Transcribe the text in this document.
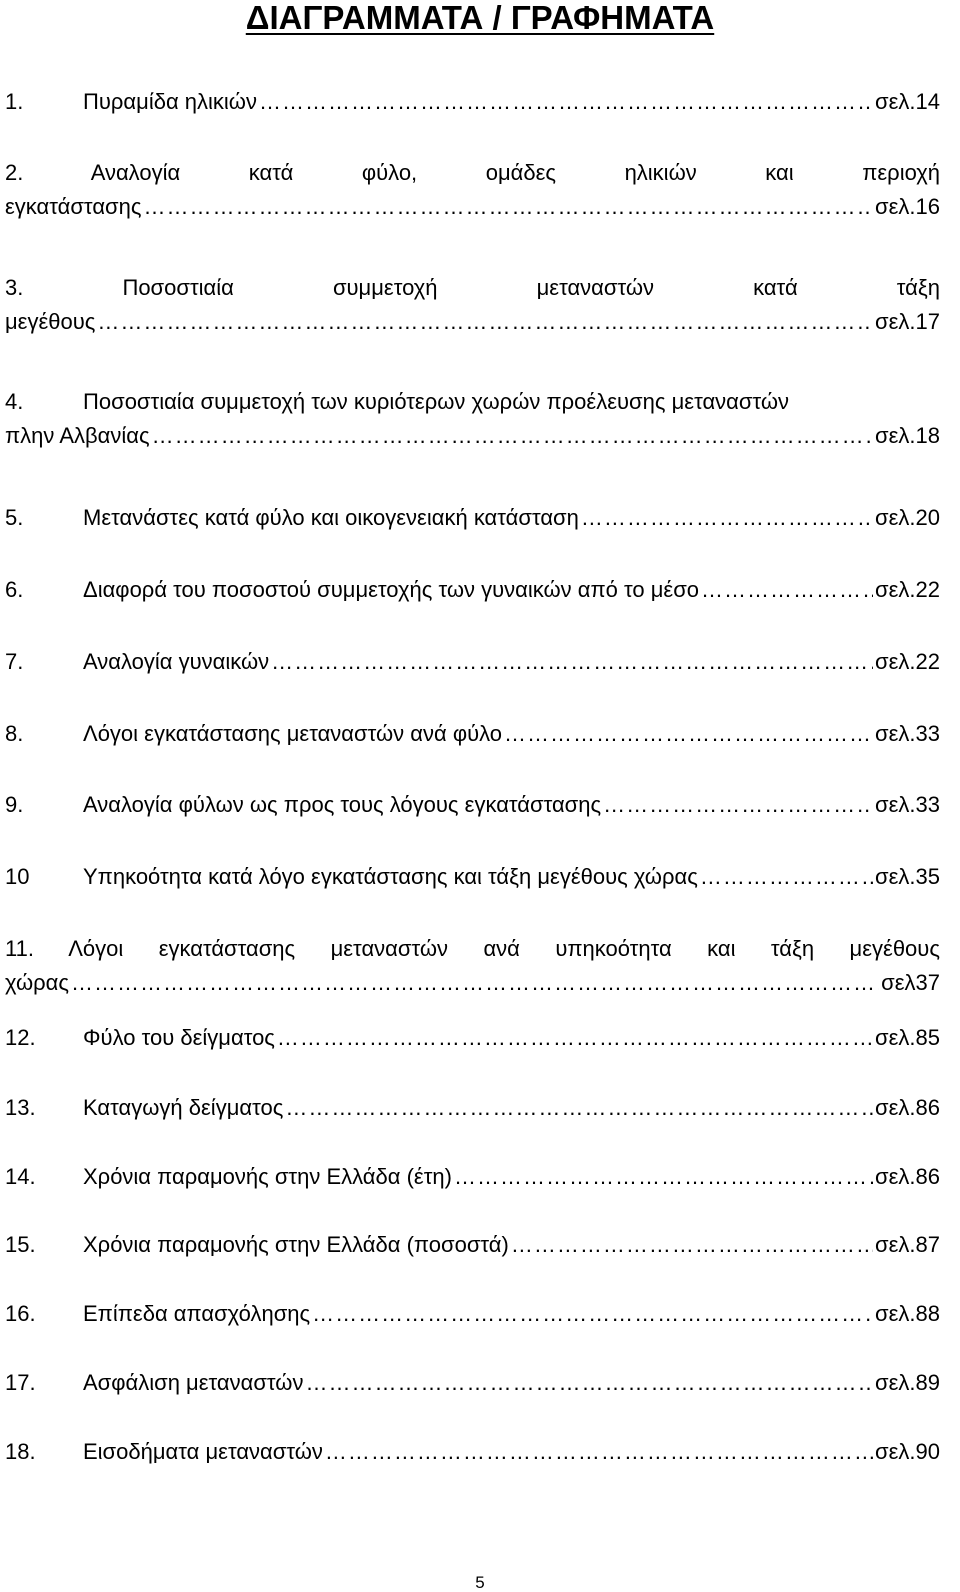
ΔΙΑΓΡΑΜΜΑΤΑ / ΓΡΑΦΗΜΑΤΑ
1.	Πυραμίδα ηλικιών ……………………………………………………………………………………………………………………………………………	σελ.14
2.	Αναλογία	κατά	φύλο,	ομάδες	ηλικιών	και	περιοχή
εγκατάστασης ……………………………………………………………………………………………………………………………………………	σελ.16
3.	Ποσοστιαία	συμμετοχή	μεταναστών	κατά	τάξη
μεγέθους ……………………………………………………………………………………………………………………………………………	σελ.17
4.	Ποσοστιαία συμμετοχή των κυριότερων χωρών προέλευσης μεταναστών
πλην Αλβανίας ……………………………………………………………………………………………………………………………………………	σελ.18
5.	Μετανάστες κατά φύλο και οικογενειακή κατάσταση ……………………………………………………………………………………………………………………………………………	σελ.20
6.	Διαφορά του ποσοστού συμμετοχής των γυναικών από το μέσο ……………………………………………………………………………………………………………………………………………	σελ.22
7.	Αναλογία γυναικών ……………………………………………………………………………………………………………………………………………	σελ.22
8.	Λόγοι εγκατάστασης μεταναστών ανά φύλο ……………………………………………………………………………………………………………………………………………	σελ.33
9.	Αναλογία φύλων ως προς τους λόγους εγκατάστασης ……………………………………………………………………………………………………………………………………………	σελ.33
10	Υπηκοότητα κατά λόγο εγκατάστασης και τάξη μεγέθους χώρας ……………………………………………………………………………………………………………………………………………	σελ.35
11. Λόγοι εγκατάστασης μεταναστών ανά υπηκοότητα και τάξη μεγέθους
χώρας ……………………………………………………………………………………………………………………………………………	σελ37
12.	Φύλο του δείγματος ……………………………………………………………………………………………………………………………………………	σελ.85
13.	Καταγωγή δείγματος ……………………………………………………………………………………………………………………………………………	σελ.86
14.	Χρόνια παραμονής στην Ελλάδα (έτη) ……………………………………………………………………………………………………………………………………………	σελ.86
15.	Χρόνια παραμονής στην Ελλάδα (ποσοστά) ……………………………………………………………………………………………………………………………………………	σελ.87
16.	Επίπεδα απασχόλησης ……………………………………………………………………………………………………………………………………………	σελ.88
17.	Ασφάλιση μεταναστών ……………………………………………………………………………………………………………………………………………	σελ.89
18.	Εισοδήματα μεταναστών ……………………………………………………………………………………………………………………………………………	σελ.90
5
